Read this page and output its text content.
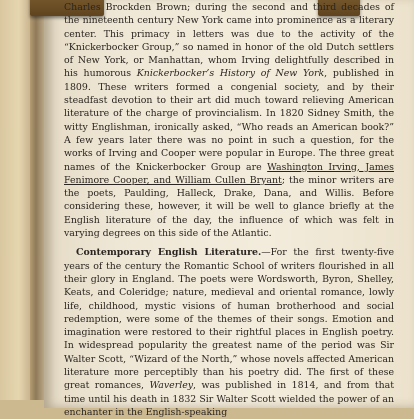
Charles Brockden Brown; during the second and third decades of the nineteenth century New York came into prominence as a literary center. This primacy in letters was due to the activity of the “Knickerbocker Group,” so named in honor of the old Dutch settlers of New York, or Manhattan, whom Irving delightfully described in his humorous Knickerbocker’s History of New York, published in 1809. These writers formed a congenial society, and by their steadfast devotion to their art did much toward relieving American literature of the charge of provincialism. In 1820 Sidney Smith, the witty Englishman, ironically asked, “Who reads an American book?” A few years later there was no point in such a question, for the works of Irving and Cooper were popular in Europe. The three great names of the Knickerbocker Group are Washington Irving, James Fenimore Cooper, and William Cullen Bryant; the minor writers are the poets, Paulding, Halleck, Drake, Dana, and Willis. Before considering these, however, it will be well to glance briefly at the English literature of the day, the influence of which was felt in varying degrees on this side of the Atlantic.

Contemporary English Literature.—For the first twenty-five years of the century the Romantic School of writers flourished in all their glory in England. The poets were Wordsworth, Byron, Shelley, Keats, and Coleridge; nature, medieval and oriental romance, lowly life, childhood, mystic visions of human brotherhood and social redemption, were some of the themes of their songs. Emotion and imagination were restored to their rightful places in English poetry. In widespread popularity the greatest name of the period was Sir Walter Scott, “Wizard of the North,” whose novels affected American literature more perceptibly than his poetry did. The first of these great romances, Waverley, was published in 1814, and from that time until his death in 1832 Sir Walter Scott wielded the power of an enchanter in the English-speaking
